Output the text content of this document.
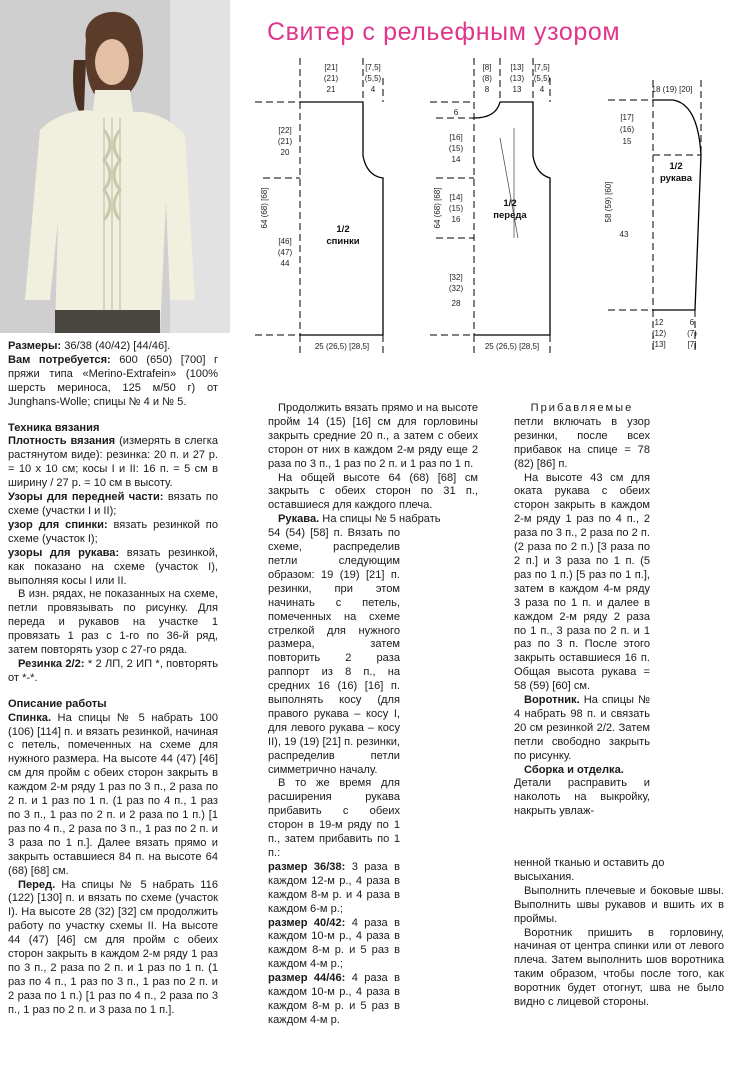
Свитер с рельефным узором
[21]
(21)
21
[7,5]
(5,5)
4
[22]
(21)
20
64 (68) [68]
[46]
(47)
44
1/2
спинки
25 (26,5) [28,5]
[8]
(8)
8
[13]
(13)
13
[7,5]
(5,5)
4
6
[16]
(15)
14
64 (68) [68] [14]
(15)
16
[32]
(32)
28
1/2
переда
25 (26,5) [28,5]
18 (19) [20]
[17]
(16)
15
58 (59) [60]
43
1/2
рукава
12
(12)
[13]
6
(7)
[7]

Размеры: 36/38 (40/42) [44/46].

Вам потребуется: 600 (650) [700] г пряжи типа «Merino-Extrafein» (100% шерсть мериноса, 125 м/50 г) от Junghans-Wolle; спицы № 4 и № 5.

Техника вязания

Плотность вязания (измерять в слегка растянутом виде): резинка: 20 п. и 27 р. = 10 х 10 см; косы I и II: 16 п. = 5 см в ширину / 27 р. = 10 см в высоту.

Узоры для передней части: вязать по схеме (участки I и II);

узор для спинки: вязать резинкой по схеме (участок I);

узоры для рукава: вязать резинкой, как показано на схеме (участок I), выполняя косы I или II.

В изн. рядах, не показанных на схеме, петли провязывать по рисунку. Для переда и рукавов на участке 1 провязать 1 раз с 1-го по 36-й ряд, затем повторять узор с 27-го ряда.

Резинка 2/2: * 2 ЛП, 2 ИП *, повторять от *-*.

Описание работы

Спинка. На спицы № 5 набрать 100 (106) [114] п. и вязать резинкой, начиная с петель, помеченных на схеме для нужного размера. На высоте 44 (47) [46] см для пройм с обеих сторон закрыть в каждом 2-м ряду 1 раз по 3 п., 2 раза по 2 п. и 1 раз по 1 п. (1 раз по 4 п., 1 раз по 3 п., 1 раз по 2 п. и 2 раза по 1 п.) [1 раз по 4 п., 2 раза по 3 п., 1 раз по 2 п. и 3 раза по 1 п.]. Далее вязать прямо и закрыть оставшиеся 84 п. на высоте 64 (68) [68] см.

Перед. На спицы № 5 набрать 116 (122) [130] п. и вязать по схеме (участок I). На высоте 28 (32) [32] см продолжить работу по участку схемы II. На высоте 44 (47) [46] см для пройм с обеих сторон закрыть в каждом 2-м ряду 1 раз по 3 п., 2 раза по 2 п. и 1 раз по 1 п. (1 раз по 4 п., 1 раз по 3 п., 1 раз по 2 п. и 2 раза по 1 п.) [1 раз по 4 п., 2 раза по 3 п., 1 раз по 2 п. и 3 раза по 1 п.].

Продолжить вязать прямо и на высоте пройм 14 (15) [16] см для горловины закрыть средние 20 п., а затем с обеих сторон от них в каждом 2-м ряду еще 2 раза по 3 п., 1 раз по 2 п. и 1 раз по 1 п.

На общей высоте 64 (68) [68] см закрыть с обеих сторон по 31 п., оставшиеся для каждого плеча.

Рукава. На спицы № 5 набрать

54 (54) [58] п. Вязать по схеме, распределив петли следующим образом: 19 (19) [21] п. резинки, при этом начинать с петель, помеченных на схеме стрелкой для нужного размера, затем повторить 2 раза раппорт из 8 п., на средних 16 (16) [16] п. выполнять косу (для правого рукава – косу I, для левого рукава – косу II), 19 (19) [21] п. резинки, распределив петли симметрично началу.

В то же время для расширения рукава прибавить с обеих сторон в 19-м ряду по 1 п., затем прибавить по 1 п.:

размер 36/38: 3 раза в каждом 12-м р., 4 раза в каждом 8-м р. и 4 раза в каждом 6-м р.;

размер 40/42: 4 раза в каждом 10-м р., 4 раза в каждом 8-м р. и 5 раз в каждом 4-м р.;

размер 44/46: 4 раза в каждом 10-м р., 4 раза в каждом 8-м р. и 5 раз в каждом 4-м р.

Прибавляемые

петли включать в узор резинки, после всех прибавок на спице = 78 (82) [86] п.

На высоте 43 см для оката рукава с обеих сторон закрыть в каждом 2-м ряду 1 раз по 4 п., 2 раза по 3 п., 2 раза по 2 п. (2 раза по 2 п.) [3 раза по 2 п.] и 3 раза по 1 п. (5 раз по 1 п.) [5 раз по 1 п.], затем в каждом 4-м ряду 3 раза по 1 п. и далее в каждом 2-м ряду 2 раза по 1 п., 3 раза по 2 п. и 1 раз по 3 п. После этого закрыть оставшиеся 16 п. Общая высота рукава = 58 (59) [60] см.

Воротник. На спицы № 4 набрать 98 п. и связать 20 см резинкой 2/2. Затем петли свободно закрыть по рисунку.

Сборка и отделка.

Детали расправить и наколоть на выкройку, накрыть увлаж-

ненной тканью и оставить до высыхания.

Выполнить плечевые и боковые швы. Выполнить швы рукавов и вшить их в проймы.

Воротник пришить в горловину, начиная от центра спинки или от левого плеча. Затем выполнить шов воротника таким образом, чтобы после того, как воротник будет отогнут, шва не было видно с лицевой стороны.
